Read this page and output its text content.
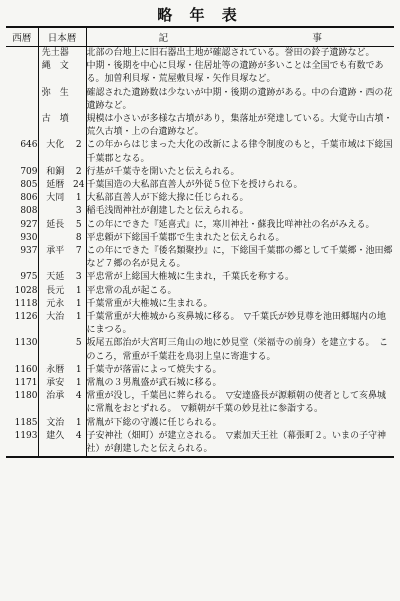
略 年 表
西暦	日本暦		記 事

	先土器		北部の台地上に旧石器出土地が確認されている。誉田の鈴子遺跡など。
	縄　文		中期・後期を中心に貝塚・住居址等の遺跡が多いことは全国でも有数である。加曽利貝塚・荒屋敷貝塚・矢作貝塚など。
	弥　生		確認された遺跡数は少ないが中期・後期の遺跡がある。中の台遺跡・西の花遺跡など。
	古　墳		規模は小さいが多様な古墳があり，集落址が発達している。大覚寺山古墳・荒久古墳・上の台遺跡など。
646	大化	2	この年からはじまった大化の改新による律令制度のもと，千葉市域は下総国千葉郡となる。
709	和銅	2	行基が千葉寺を開いたと伝えられる。
805	延暦	24	千葉国造の大私部直善人が外従５位下を授けられる。
806	大同	1	大私部直善人が下総大掾に任じられる。
808		3	稲毛浅間神社が創建したと伝えられる。
927	延長	5	この年にできた『延喜式』に，寒川神社・蘇我比咩神社の名がみえる。
930		8	平忠頼が下総国千葉郡で生まれたと伝えられる。
937	承平	7	この年にできた『倭名類聚抄』に，下総国千葉郡の郷として千葉郷・池田郷など７郷の名が見える。
975	天延	3	平忠常が上総国大椎城に生まれ，千葉氏を称する。
1028	長元	1	平忠常の乱が起こる。
1118	元永	1	千葉常重が大椎城に生まれる。
1126	大治	1	千葉常重が大椎城から亥鼻城に移る。　▽千葉氏が妙見尊を池田郷堀内の地にまつる。
1130		5	坂尾五郎治が大宮町三角山の地に妙見堂（栄福寺の前身）を建立する。　このころ，常重が千葉荘を鳥羽上皇に寄進する。
1160	永暦	1	千葉寺が落雷によって焼失する。
1171	承安	1	常胤の３男胤盛が武石城に移る。
1180	治承	4	常重が没し，千葉邑に葬られる。　▽安達盛長が源頼朝の使者として亥鼻城に常胤をおとずれる。　▽頼朝が千葉の妙見社に参詣する。
1185	文治	1	常胤が下総の守護に任じられる。
1193	建久	4	子安神社（畑町）が建立される。　▽素加天王社（幕張町２。いまの子守神社）が創建したと伝えられる。
